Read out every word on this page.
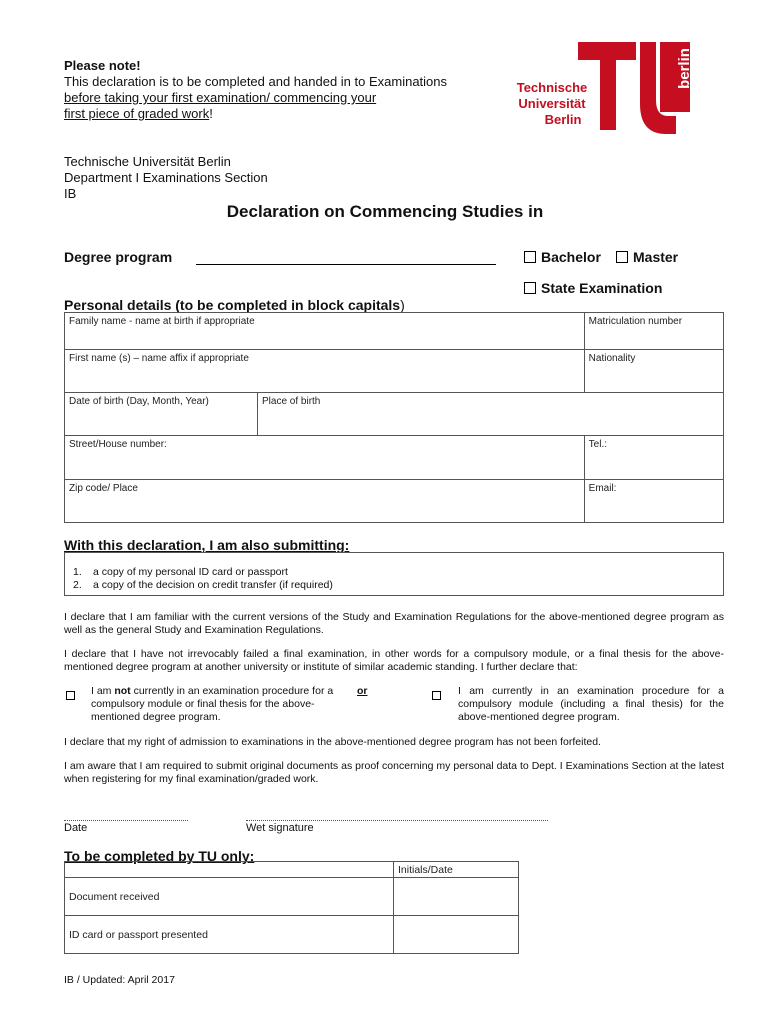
Please note!
This declaration is to be completed and handed in to Examinations
before taking your first examination/ commencing your
first piece of graded work!
Technische
Universität
Berlin
berlin
Technische Universität Berlin
Department I Examinations Section
IB
Declaration on Commencing Studies in
Degree program	Bachelor	Master
State Examination
Personal details (to be completed in block capitals)
Family name - name at birth if appropriate		Matriculation number
First name (s) – name affix if appropriate		Nationality
Date of birth (Day, Month, Year)	Place of birth	
Street/House number:		Tel.:
Zip code/ Place		Email:
With this declaration, I am also submitting:
1. a copy of my personal ID card or passport
2. a copy of the decision on credit transfer (if required)
I declare that I am familiar with the current versions of the Study and Examination Regulations for the above-mentioned degree program as well as the general Study and Examination Regulations.
I declare that I have not irrevocably failed a final examination, in other words for a compulsory module, or a final thesis for the above-mentioned degree program at another university or institute of similar academic standing. I further declare that:
I am not currently in an examination procedure for a compulsory module or final thesis for the above-mentioned degree program.
or	I am currently in an examination procedure for a compulsory module (including a final thesis) for the above-mentioned degree program.
I declare that my right of admission to examinations in the above-mentioned degree program has not been forfeited.
I am aware that I am required to submit original documents as proof concerning my personal data to Dept. I Examinations Section at the latest when registering for my final examination/graded work.
Date	Wet signature
To be completed by TU only:
	Initials/Date
Document received	
ID card or passport presented	
IB / Updated: April 2017
